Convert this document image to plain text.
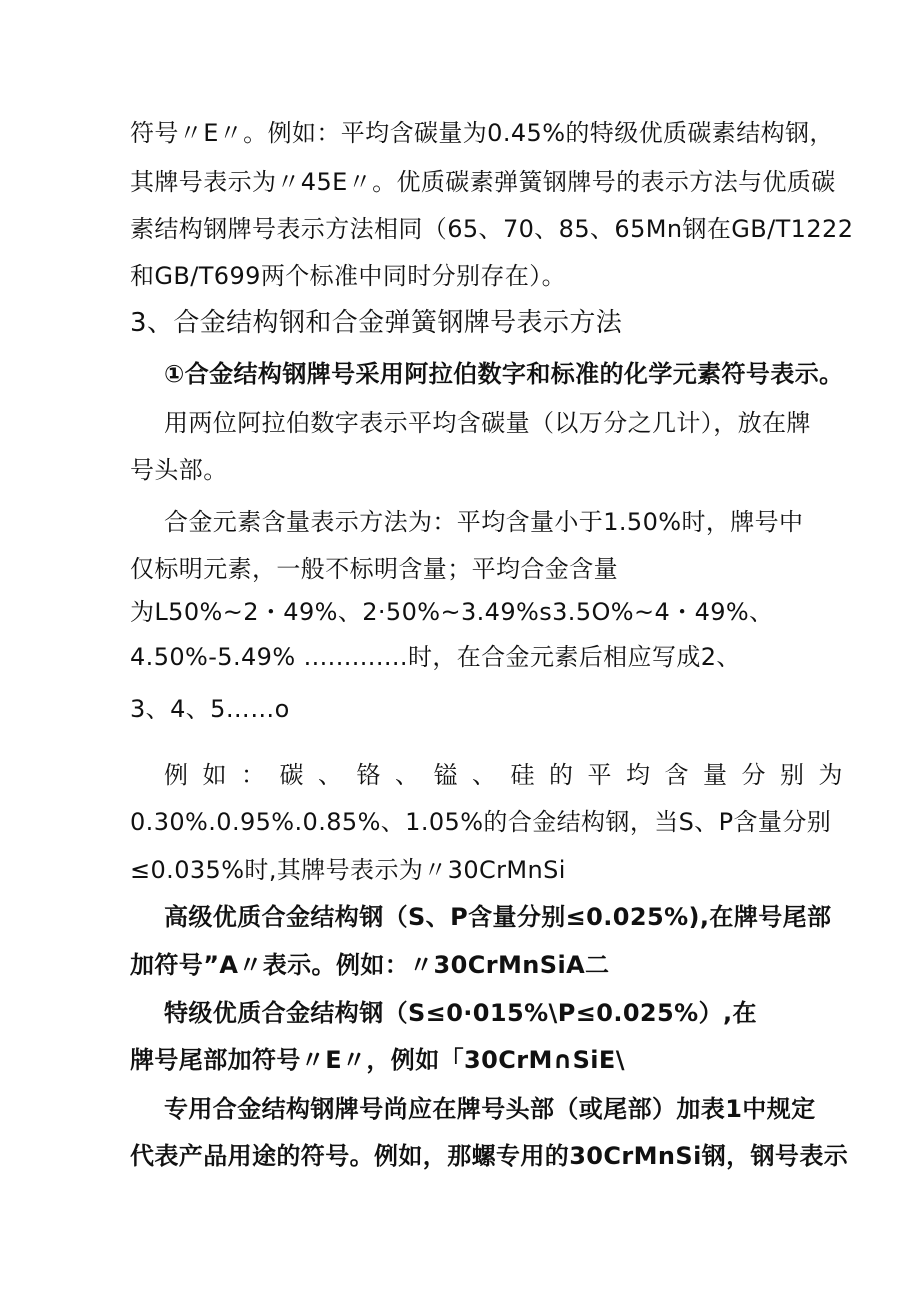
符号〃E〃。例如：平均含碳量为0.45%的特级优质碳素结构钢，
其牌号表示为〃45E〃。优质碳素弹簧钢牌号的表示方法与优质碳
素结构钢牌号表示方法相同（65、70、85、65Mn钢在GB/T1222
和GB/T699两个标准中同时分别存在）。
3、合金结构钢和合金弹簧钢牌号表示方法
①合金结构钢牌号采用阿拉伯数字和标准的化学元素符号表示。
用两位阿拉伯数字表示平均含碳量（以万分之几计），放在牌
号头部。
合金元素含量表示方法为：平均含量小于1.50%时，牌号中
仅标明元素，一般不标明含量；平均合金含量
为L50%~2・49%、2·50%~3.49%s3.5O%~4・49%、
4.50%-5.49% .............时，在合金元素后相应写成2、
3、4、5……o
例如：碳、铬、镒、硅的平均含量分别为
0.30%.0.95%.0.85%、1.05%的合金结构钢，当S、P含量分别
≤0.035%时,其牌号表示为〃30CrMnSi
高级优质合金结构钢（S、P含量分别≤0.025%),在牌号尾部
加符号”A〃表示。例如：〃30CrMnSiA二
特级优质合金结构钢（S≤0·015%\P≤0.025%）,在
牌号尾部加符号〃E〃，例如「30CrM∩SiE\
专用合金结构钢牌号尚应在牌号头部（或尾部）加表1中规定
代表产品用途的符号。例如，那螺专用的30CrMnSi钢，钢号表示
